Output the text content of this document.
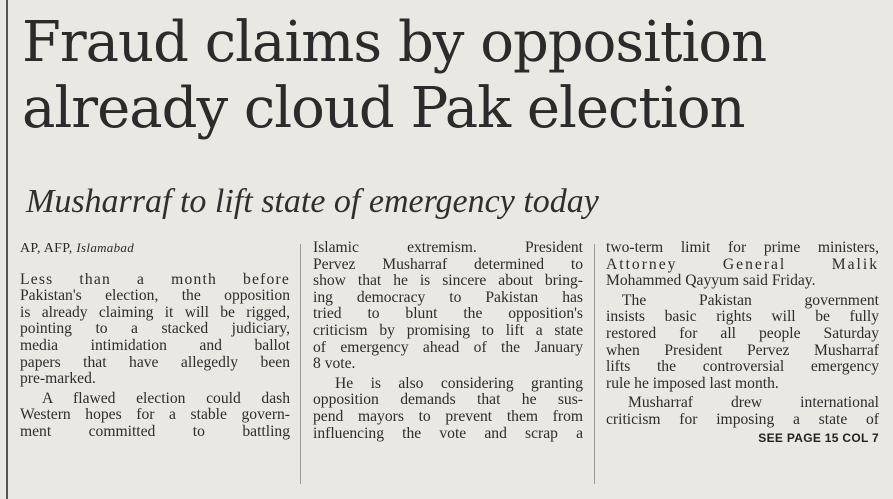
Fraud claims by opposition
already cloud Pak election
Musharraf to lift state of emergency today
AP, AFP, Islamabad
Less than a month before
Pakistan's election, the opposition
is already claiming it will be rigged,
pointing to a stacked judiciary,
media intimidation and ballot
papers that have allegedly been
pre-marked.
A flawed election could dash
Western hopes for a stable govern-
ment committed to battling
Islamic extremism. President
Pervez Musharraf determined to
show that he is sincere about bring-
ing democracy to Pakistan has
tried to blunt the opposition's
criticism by promising to lift a state
of emergency ahead of the January
8 vote.
He is also considering granting
opposition demands that he sus-
pend mayors to prevent them from
influencing the vote and scrap a
two-term limit for prime ministers,
Attorney General Malik
Mohammed Qayyum said Friday.
The Pakistan government
insists basic rights will be fully
restored for all people Saturday
when President Pervez Musharraf
lifts the controversial emergency
rule he imposed last month.
Musharraf drew international
criticism for imposing a state of
SEE PAGE 15 COL 7
